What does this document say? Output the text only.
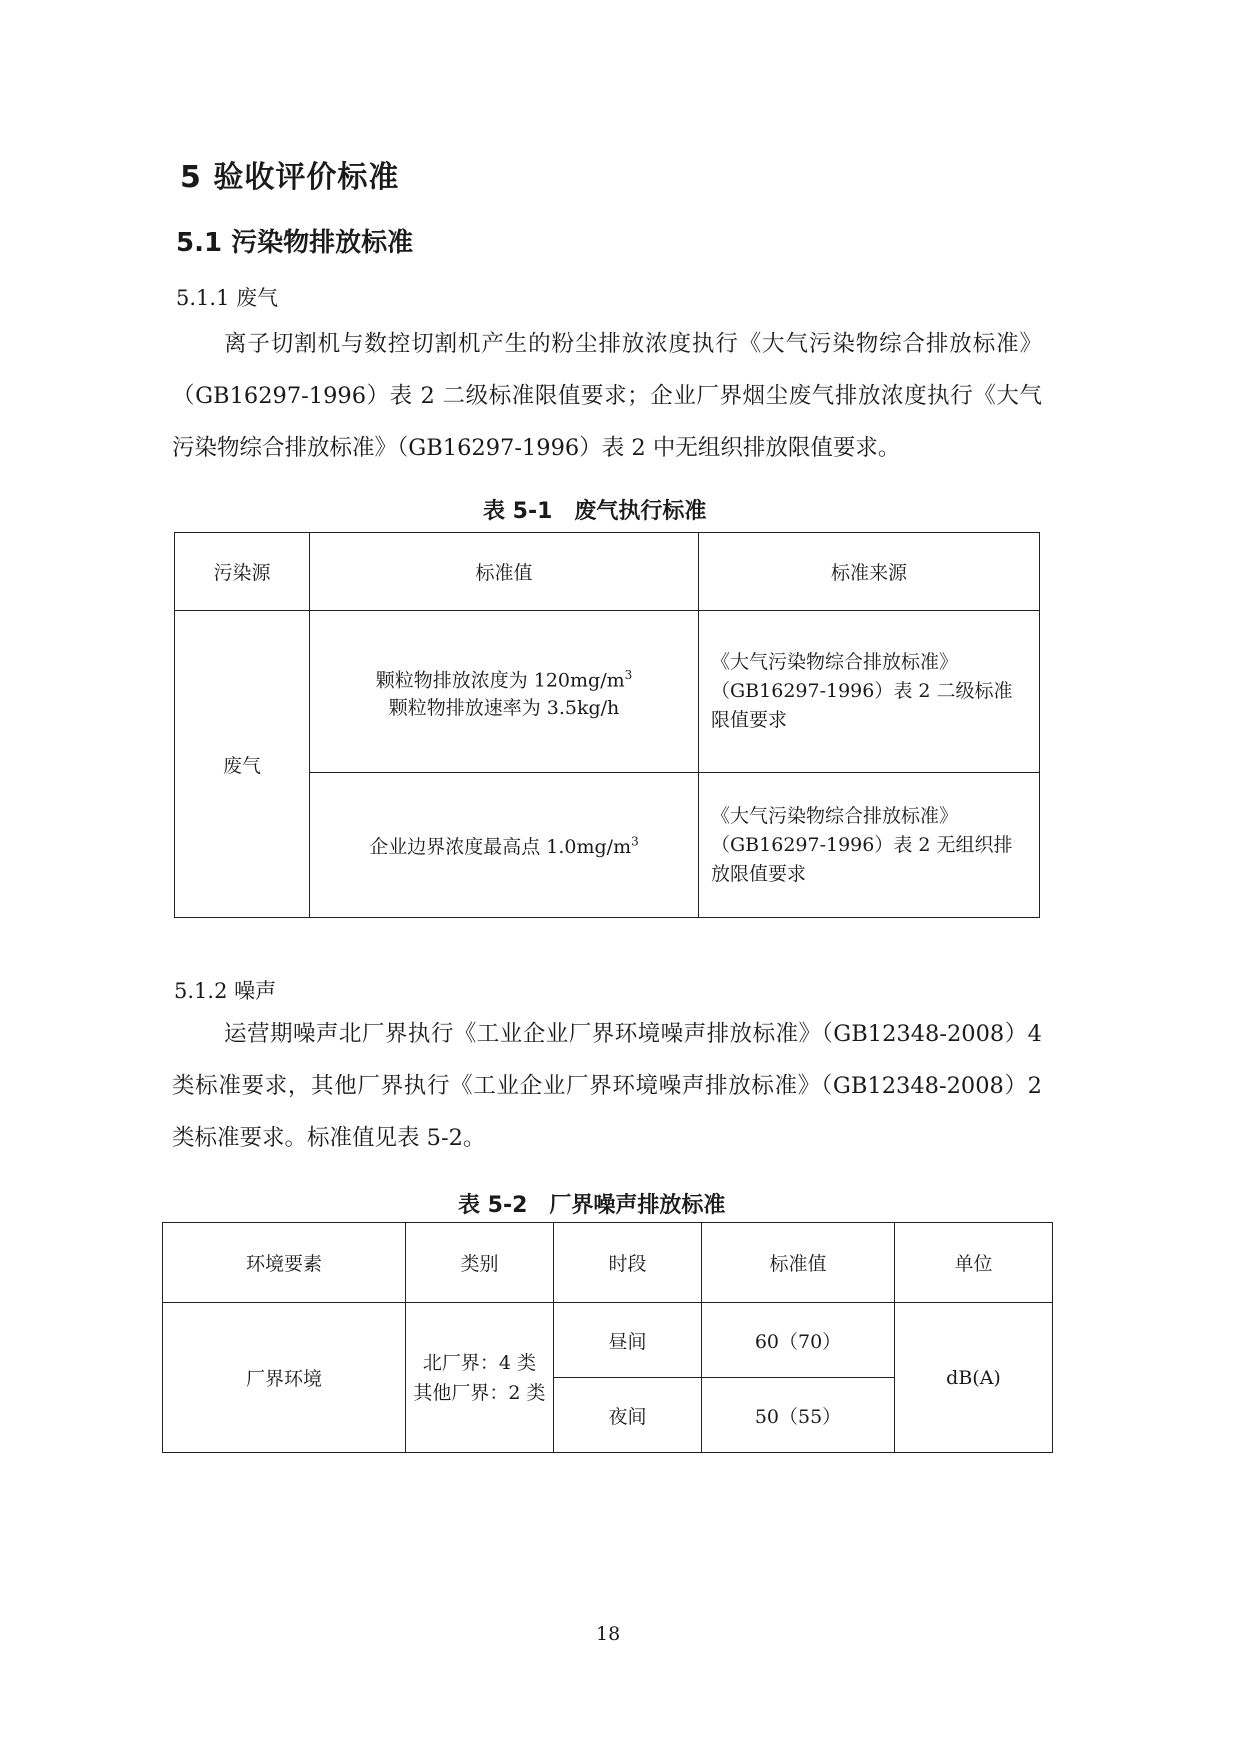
5 验收评价标准
5.1 污染物排放标准
5.1.1 废气

离子切割机与数控切割机产生的粉尘排放浓度执行《大气污染物综合排放标准》（GB16297-1996）表 2 二级标准限值要求；企业厂界烟尘废气排放浓度执行《大气污染物综合排放标准》（GB16297-1996）表 2 中无组织排放限值要求。

表 5-1　废气执行标准
污染源	标准值	标准来源
废气	颗粒物排放浓度为 $120mg/m^3$
颗粒物排放速率为 3.5kg/h	《大气污染物综合排放标准》
（GB16297-1996）表 2 二级标准
限值要求
	企业边界浓度最高点 $1.0mg/m^3$	《大气污染物综合排放标准》
（GB16297-1996）表 2 无组织排
放限值要求
5.1.2 噪声

运营期噪声北厂界执行《工业企业厂界环境噪声排放标准》（GB12348-2008）4 类标准要求，其他厂界执行《工业企业厂界环境噪声排放标准》（GB12348-2008）2 类标准要求。标准值见表 5-2。

表 5-2　厂界噪声排放标准
环境要素	类别	时段	标准值	单位
厂界环境	北厂界：4 类
其他厂界：2 类	昼间	60（70）	dB(A)
		夜间	50（55）	
18
